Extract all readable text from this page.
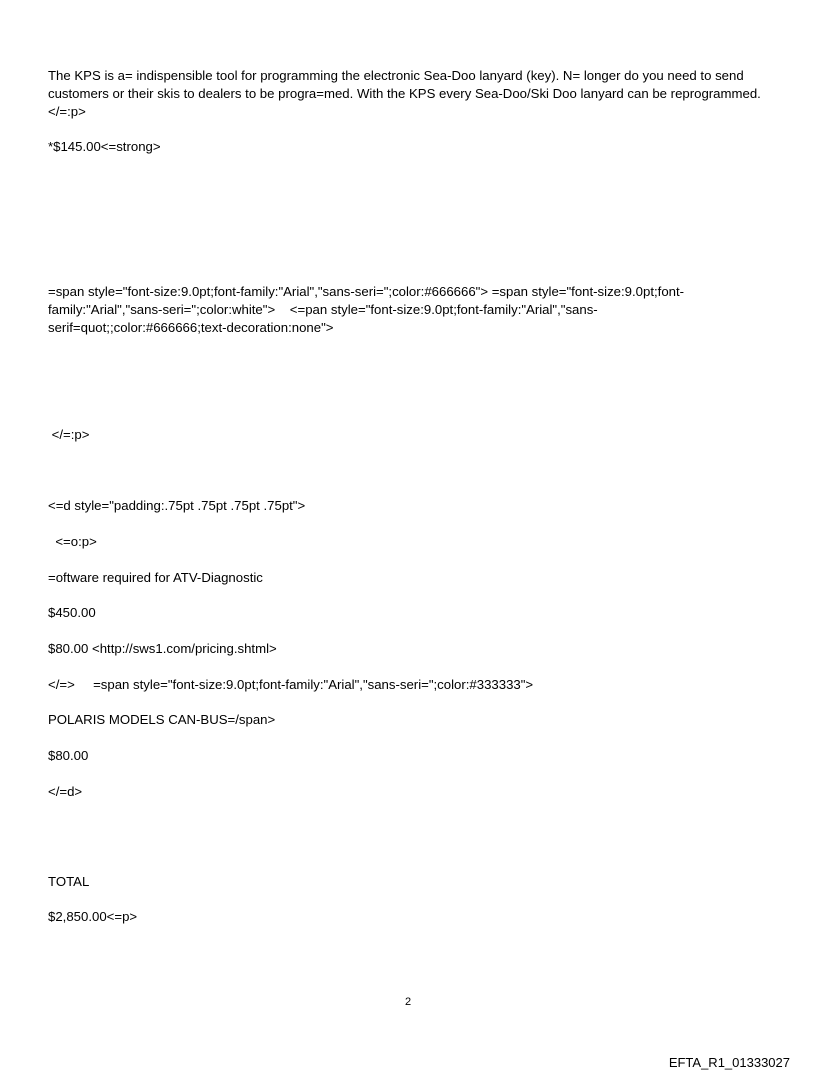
The KPS is a= indispensible tool for programming the electronic Sea-Doo lanyard (key). N= longer do you need to send customers or their skis to dealers to be progra=med. With the KPS every Sea-Doo/Ski Doo lanyard can be reprogrammed.</=:p>

*$145.00<=strong>

=span style="font-size:9.0pt;font-family:"Arial","sans-seri=";color:#666666"> =span style="font-size:9.0pt;font-family:"Arial","sans-seri=";color:white">    <=pan style="font-size:9.0pt;font-family:"Arial","sans-serif=quot;;color:#666666;text-decoration:none">

</=:p>

<=d style="padding:.75pt .75pt .75pt .75pt">

<=o:p>

=oftware required for ATV-Diagnostic

$450.00

$80.00 <http://sws1.com/pricing.shtml>

</=>     =span style="font-size:9.0pt;font-family:"Arial","sans-seri=";color:#333333">

POLARIS MODELS CAN-BUS=/span>

$80.00

</=d>

TOTAL

$2,850.00<=p>

2
EFTA_R1_01333027
